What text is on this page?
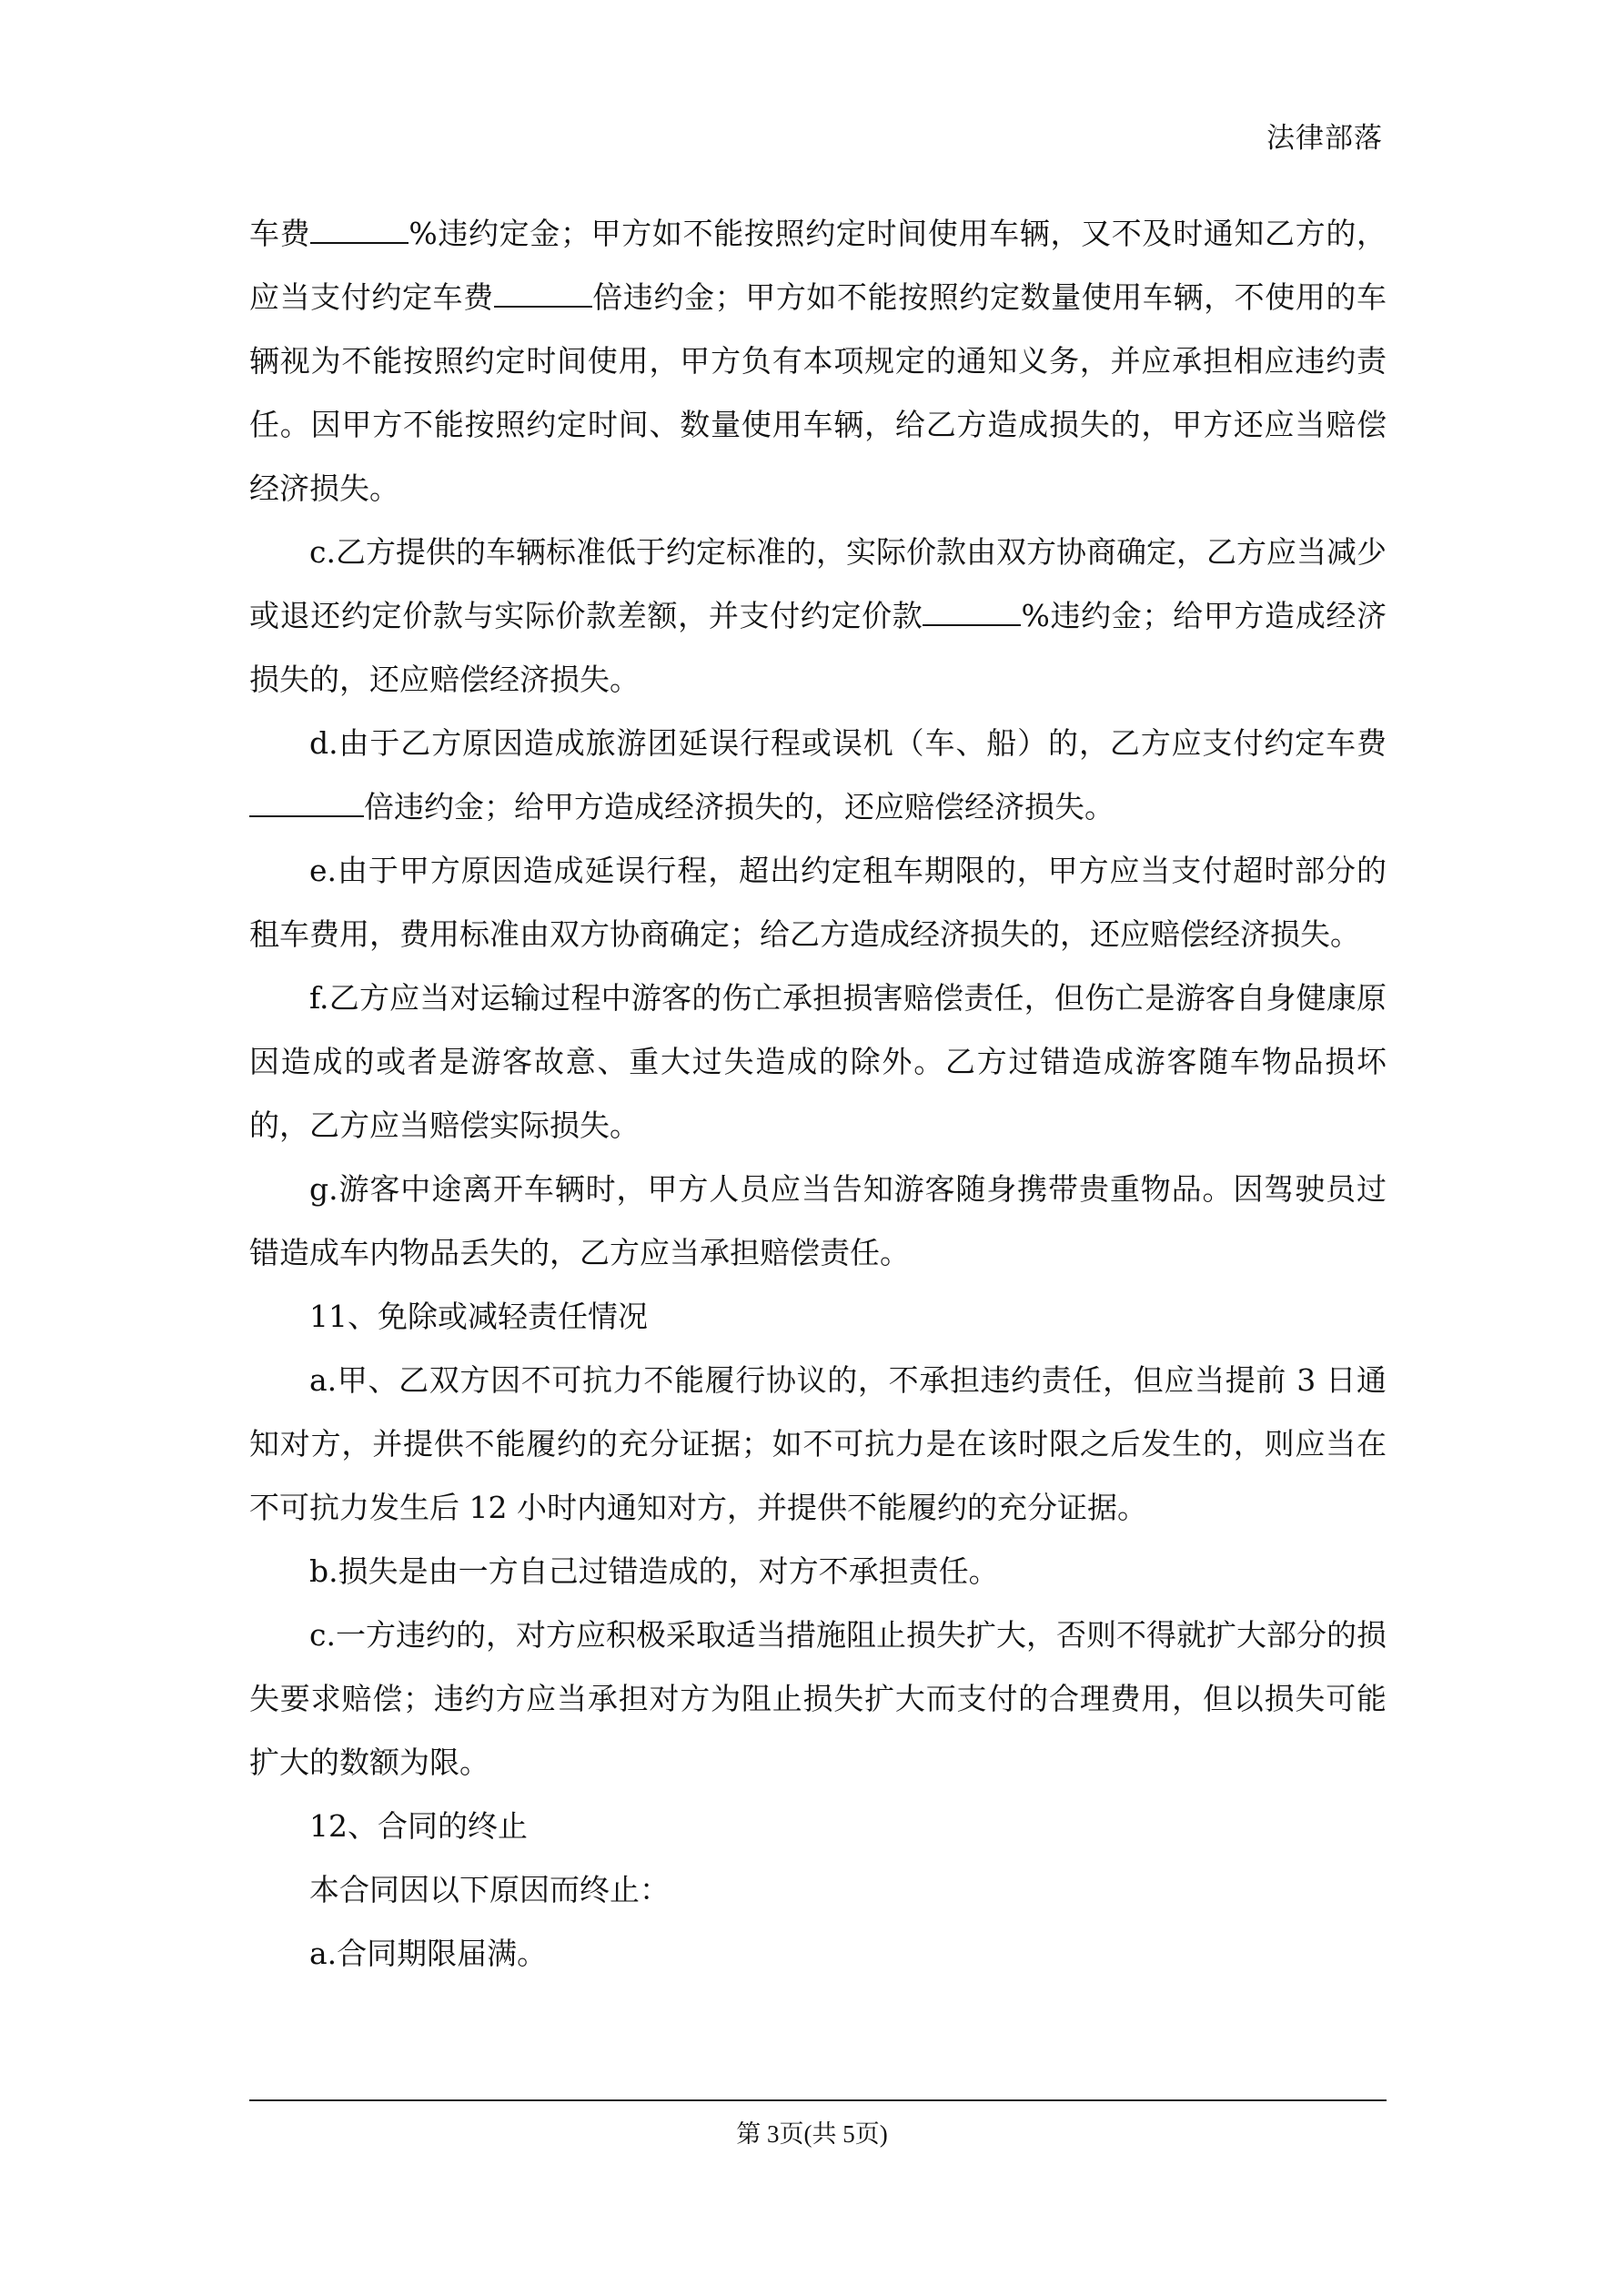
法律部落

车费	%违约定金；甲方如不能按照约定时间使用车辆，又不及时通知乙方的，应当支付约定车费	倍违约金；甲方如不能按照约定数量使用车辆，不使用的车辆视为不能按照约定时间使用，甲方负有本项规定的通知义务，并应承担相应违约责任。因甲方不能按照约定时间、数量使用车辆，给乙方造成损失的，甲方还应当赔偿经济损失。

c.乙方提供的车辆标准低于约定标准的，实际价款由双方协商确定，乙方应当减少或退还约定价款与实际价款差额，并支付约定价款	%违约金；给甲方造成经济损失的，还应赔偿经济损失。

d.由于乙方原因造成旅游团延误行程或误机（车、船）的，乙方应支付约定车费倍违约金；给甲方造成经济损失的，还应赔偿经济损失。

e.由于甲方原因造成延误行程，超出约定租车期限的，甲方应当支付超时部分的租车费用，费用标准由双方协商确定；给乙方造成经济损失的，还应赔偿经济损失。

f.乙方应当对运输过程中游客的伤亡承担损害赔偿责任，但伤亡是游客自身健康原因造成的或者是游客故意、重大过失造成的除外。乙方过错造成游客随车物品损坏的，乙方应当赔偿实际损失。

g.游客中途离开车辆时，甲方人员应当告知游客随身携带贵重物品。因驾驶员过错造成车内物品丢失的，乙方应当承担赔偿责任。

11、免除或减轻责任情况

a.甲、乙双方因不可抗力不能履行协议的，不承担违约责任，但应当提前 3 日通知对方，并提供不能履约的充分证据；如不可抗力是在该时限之后发生的，则应当在不可抗力发生后 12 小时内通知对方，并提供不能履约的充分证据。

b.损失是由一方自己过错造成的，对方不承担责任。

c.一方违约的，对方应积极采取适当措施阻止损失扩大，否则不得就扩大部分的损失要求赔偿；违约方应当承担对方为阻止损失扩大而支付的合理费用，但以损失可能扩大的数额为限。

12、合同的终止

本合同因以下原因而终止：

a.合同期限届满。

第 3页(共 5页)
